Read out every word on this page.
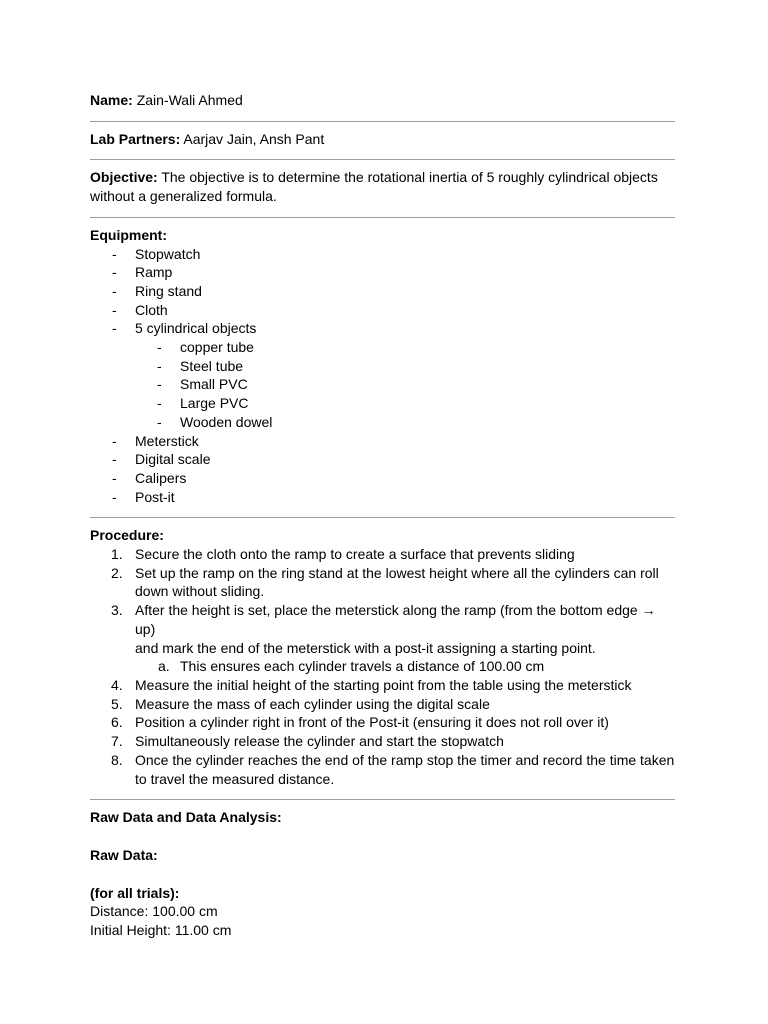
Name: Zain-Wali Ahmed
Lab Partners: Aarjav Jain, Ansh Pant
Objective: The objective is to determine the rotational inertia of 5 roughly cylindrical objects
without a generalized formula.
Equipment:
- Stopwatch
- Ramp
- Ring stand
- Cloth
- 5 cylindrical objects
- copper tube
- Steel tube
- Small PVC
- Large PVC
- Wooden dowel
- Meterstick
- Digital scale
- Calipers
- Post-it
Procedure:
1. Secure the cloth onto the ramp to create a surface that prevents sliding
2. Set up the ramp on the ring stand at the lowest height where all the cylinders can roll
down without sliding.
3. After the height is set, place the meterstick along the ramp (from the bottom edge → up)
and mark the end of the meterstick with a post-it assigning a starting point.
a. This ensures each cylinder travels a distance of 100.00 cm
4. Measure the initial height of the starting point from the table using the meterstick
5. Measure the mass of each cylinder using the digital scale
6. Position a cylinder right in front of the Post-it (ensuring it does not roll over it)
7. Simultaneously release the cylinder and start the stopwatch
8. Once the cylinder reaches the end of the ramp stop the timer and record the time taken
to travel the measured distance.
Raw Data and Data Analysis:
Raw Data:
(for all trials):
Distance: 100.00 cm
Initial Height: 11.00 cm
